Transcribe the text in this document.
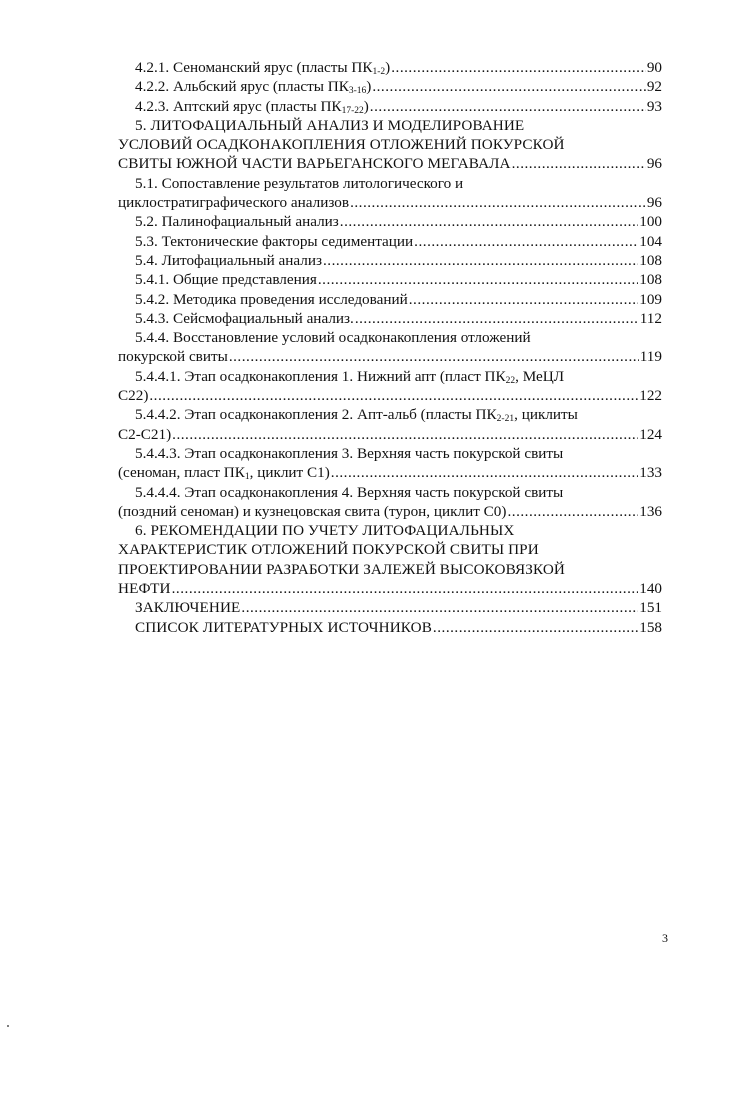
4.2.1. Сеноманский ярус (пласты $ПК_{1-2}$) .....	90
4.2.2. Альбский ярус (пласты $ПК_{3-16}$) .....	92
4.2.3. Аптский ярус (пласты $ПК_{17-22}$) .....	93
5. ЛИТОФАЦИАЛЬНЫЙ АНАЛИЗ И МОДЕЛИРОВАНИЕ
УСЛОВИЙ ОСАДКОНАКОПЛЕНИЯ ОТЛОЖЕНИЙ ПОКУРСКОЙ
СВИТЫ ЮЖНОЙ ЧАСТИ ВАРЬЕГАНСКОГО МЕГАВАЛА .....	96
5.1. Сопоставление результатов литологического и
циклостратиграфического анализов .....	96
5.2. Палинофациальный анализ .....	100
5.3. Тектонические факторы седиментации .....	104
5.4. Литофациальный анализ .....	108
5.4.1. Общие представления .....	108
5.4.2. Методика проведения исследований .....	109
5.4.3. Сейсмофациальный анализ. .....	112
5.4.4. Восстановление условий осадконакопления отложений
покурской свиты .....	119
5.4.4.1. Этап осадконакопления 1. Нижний апт (пласт $ПК_{22}$, МеЦЛ
С22) .....	122
5.4.4.2. Этап осадконакопления 2. Апт-альб (пласты $ПК_{2-21}$, циклиты
С2-С21) .....	124
5.4.4.3. Этап осадконакопления 3. Верхняя часть покурской свиты
(сеноман, пласт $ПК_1$, циклит С1) .....	133
5.4.4.4. Этап осадконакопления 4. Верхняя часть покурской свиты
(поздний сеноман) и кузнецовская свита (турон, циклит С0) .....	136
6. РЕКОМЕНДАЦИИ ПО УЧЕТУ ЛИТОФАЦИАЛЬНЫХ
ХАРАКТЕРИСТИК ОТЛОЖЕНИЙ ПОКУРСКОЙ СВИТЫ ПРИ
ПРОЕКТИРОВАНИИ РАЗРАБОТКИ ЗАЛЕЖЕЙ ВЫСОКОВЯЗКОЙ
НЕФТИ .....	140
ЗАКЛЮЧЕНИЕ .....	151
СПИСОК ЛИТЕРАТУРНЫХ ИСТОЧНИКОВ .....	158
3
